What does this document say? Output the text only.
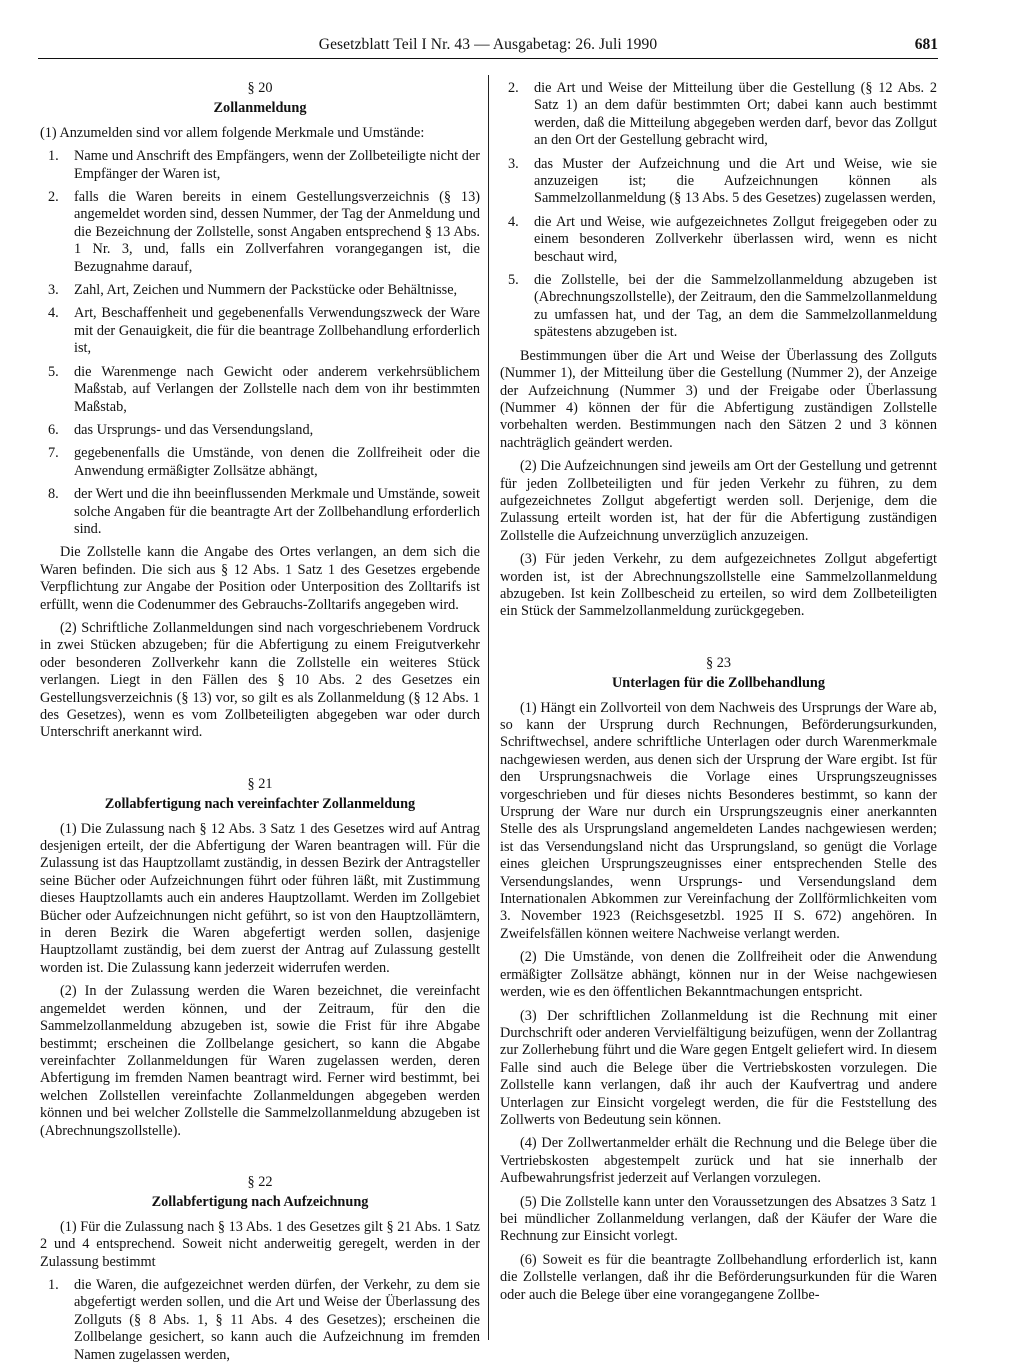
Gesetzblatt Teil I Nr. 43 — Ausgabetag: 26. Juli 1990	681
§ 20
Zollanmeldung

(1) Anzumelden sind vor allem folgende Merkmale und Umstände:

1. Name und Anschrift des Empfängers, wenn der Zollbeteiligte nicht der Empfänger der Waren ist,
2. falls die Waren bereits in einem Gestellungsverzeichnis (§ 13) angemeldet worden sind, dessen Nummer, der Tag der Anmeldung und die Bezeichnung der Zollstelle, sonst Angaben entsprechend § 13 Abs. 1 Nr. 3, und, falls ein Zollverfahren vorangegangen ist, die Bezugnahme darauf,
3. Zahl, Art, Zeichen und Nummern der Packstücke oder Behältnisse,
4. Art, Beschaffenheit und gegebenenfalls Verwendungszweck der Ware mit der Genauigkeit, die für die beantrage Zollbehandlung erforderlich ist,
5. die Warenmenge nach Gewicht oder anderem verkehrsüblichem Maßstab, auf Verlangen der Zollstelle nach dem von ihr bestimmten Maßstab,
6. das Ursprungs- und das Versendungsland,
7. gegebenenfalls die Umstände, von denen die Zollfreiheit oder die Anwendung ermäßigter Zollsätze abhängt,
8. der Wert und die ihn beeinflussenden Merkmale und Umstände, soweit solche Angaben für die beantragte Art der Zollbehandlung erforderlich sind.

Die Zollstelle kann die Angabe des Ortes verlangen, an dem sich die Waren befinden. Die sich aus § 12 Abs. 1 Satz 1 des Gesetzes ergebende Verpflichtung zur Angabe der Position oder Unterposition des Zolltarifs ist erfüllt, wenn die Codenummer des Gebrauchs-Zolltarifs angegeben wird.

(2) Schriftliche Zollanmeldungen sind nach vorgeschriebenem Vordruck in zwei Stücken abzugeben; für die Abfertigung zu einem Freigutverkehr oder besonderen Zollverkehr kann die Zollstelle ein weiteres Stück verlangen. Liegt in den Fällen des § 10 Abs. 2 des Gesetzes ein Gestellungsverzeichnis (§ 13) vor, so gilt es als Zollanmeldung (§ 12 Abs. 1 des Gesetzes), wenn es vom Zollbeteiligten abgegeben war oder durch Unterschrift anerkannt wird.

§ 21
Zollabfertigung nach vereinfachter Zollanmeldung

(1) Die Zulassung nach § 12 Abs. 3 Satz 1 des Gesetzes wird auf Antrag desjenigen erteilt, der die Abfertigung der Waren beantragen will. Für die Zulassung ist das Hauptzollamt zuständig, in dessen Bezirk der Antragsteller seine Bücher oder Aufzeichnungen führt oder führen läßt, mit Zustimmung dieses Hauptzollamts auch ein anderes Hauptzollamt. Werden im Zollgebiet Bücher oder Aufzeichnungen nicht geführt, so ist von den Hauptzollämtern, in deren Bezirk die Waren abgefertigt werden sollen, dasjenige Hauptzollamt zuständig, bei dem zuerst der Antrag auf Zulassung gestellt worden ist. Die Zulassung kann jederzeit widerrufen werden.

(2) In der Zulassung werden die Waren bezeichnet, die vereinfacht angemeldet werden können, und der Zeitraum, für den die Sammelzollanmeldung abzugeben ist, sowie die Frist für ihre Abgabe bestimmt; erscheinen die Zollbelange gesichert, so kann die Abgabe vereinfachter Zollanmeldungen für Waren zugelassen werden, deren Abfertigung im fremden Namen beantragt wird. Ferner wird bestimmt, bei welchen Zollstellen vereinfachte Zollanmeldungen abgegeben werden können und bei welcher Zollstelle die Sammelzollanmeldung abzugeben ist (Abrechnungszollstelle).

§ 22
Zollabfertigung nach Aufzeichnung

(1) Für die Zulassung nach § 13 Abs. 1 des Gesetzes gilt § 21 Abs. 1 Satz 2 und 4 entsprechend. Soweit nicht anderweitig geregelt, werden in der Zulassung bestimmt

1. die Waren, die aufgezeichnet werden dürfen, der Verkehr, zu dem sie abgefertigt werden sollen, und die Art und Weise der Überlassung des Zollguts (§ 8 Abs. 1, § 11 Abs. 4 des Gesetzes); erscheinen die Zollbelange gesichert, so kann auch die Aufzeichnung im fremden Namen zugelassen werden,
2. die Art und Weise der Mitteilung über die Gestellung (§ 12 Abs. 2 Satz 1) an dem dafür bestimmten Ort; dabei kann auch bestimmt werden, daß die Mitteilung abgegeben werden darf, bevor das Zollgut an den Ort der Gestellung gebracht wird,
3. das Muster der Aufzeichnung und die Art und Weise, wie sie anzuzeigen ist; die Aufzeichnungen können als Sammelzollanmeldung (§ 13 Abs. 5 des Gesetzes) zugelassen werden,
4. die Art und Weise, wie aufgezeichnetes Zollgut freigegeben oder zu einem besonderen Zollverkehr überlassen wird, wenn es nicht beschaut wird,
5. die Zollstelle, bei der die Sammelzollanmeldung abzugeben ist (Abrechnungszollstelle), der Zeitraum, den die Sammelzollanmeldung zu umfassen hat, und der Tag, an dem die Sammelzollanmeldung spätestens abzugeben ist.

Bestimmungen über die Art und Weise der Überlassung des Zollguts (Nummer 1), der Mitteilung über die Gestellung (Nummer 2), der Anzeige der Aufzeichnung (Nummer 3) und der Freigabe oder Überlassung (Nummer 4) können der für die Abfertigung zuständigen Zollstelle vorbehalten werden. Bestimmungen nach den Sätzen 2 und 3 können nachträglich geändert werden.

(2) Die Aufzeichnungen sind jeweils am Ort der Gestellung und getrennt für jeden Zollbeteiligten und für jeden Verkehr zu führen, zu dem aufgezeichnetes Zollgut abgefertigt werden soll. Derjenige, dem die Zulassung erteilt worden ist, hat der für die Abfertigung zuständigen Zollstelle die Aufzeichnung unverzüglich anzuzeigen.

(3) Für jeden Verkehr, zu dem aufgezeichnetes Zollgut abgefertigt worden ist, ist der Abrechnungszollstelle eine Sammelzollanmeldung abzugeben. Ist kein Zollbescheid zu erteilen, so wird dem Zollbeteiligten ein Stück der Sammelzollanmeldung zurückgegeben.

§ 23
Unterlagen für die Zollbehandlung

(1) Hängt ein Zollvorteil von dem Nachweis des Ursprungs der Ware ab, so kann der Ursprung durch Rechnungen, Beförderungsurkunden, Schriftwechsel, andere schriftliche Unterlagen oder durch Warenmerkmale nachgewiesen werden, aus denen sich der Ursprung der Ware ergibt. Ist für den Ursprungsnachweis die Vorlage eines Ursprungszeugnisses vorgeschrieben und für dieses nichts Besonderes bestimmt, so kann der Ursprung der Ware nur durch ein Ursprungszeugnis einer anerkannten Stelle des als Ursprungsland angemeldeten Landes nachgewiesen werden; ist das Versendungsland nicht das Ursprungsland, so genügt die Vorlage eines gleichen Ursprungszeugnisses einer entsprechenden Stelle des Versendungslandes, wenn Ursprungs- und Versendungsland dem Internationalen Abkommen zur Vereinfachung der Zollförmlichkeiten vom 3. November 1923 (Reichsgesetzbl. 1925 II S. 672) angehören. In Zweifelsfällen können weitere Nachweise verlangt werden.

(2) Die Umstände, von denen die Zollfreiheit oder die Anwendung ermäßigter Zollsätze abhängt, können nur in der Weise nachgewiesen werden, wie es den öffentlichen Bekanntmachungen entspricht.

(3) Der schriftlichen Zollanmeldung ist die Rechnung mit einer Durchschrift oder anderen Vervielfältigung beizufügen, wenn der Zollantrag zur Zollerhebung führt und die Ware gegen Entgelt geliefert wird. In diesem Falle sind auch die Belege über die Vertriebskosten vorzulegen. Die Zollstelle kann verlangen, daß ihr auch der Kaufvertrag und andere Unterlagen zur Einsicht vorgelegt werden, die für die Feststellung des Zollwerts von Bedeutung sein können.

(4) Der Zollwertanmelder erhält die Rechnung und die Belege über die Vertriebskosten abgestempelt zurück und hat sie innerhalb der Aufbewahrungsfrist jederzeit auf Verlangen vorzulegen.

(5) Die Zollstelle kann unter den Voraussetzungen des Absatzes 3 Satz 1 bei mündlicher Zollanmeldung verlangen, daß der Käufer der Ware die Rechnung zur Einsicht vorlegt.

(6) Soweit es für die beantragte Zollbehandlung erforderlich ist, kann die Zollstelle verlangen, daß ihr die Beförderungsurkunden für die Waren oder auch die Belege über eine vorangegangene Zollbe-
